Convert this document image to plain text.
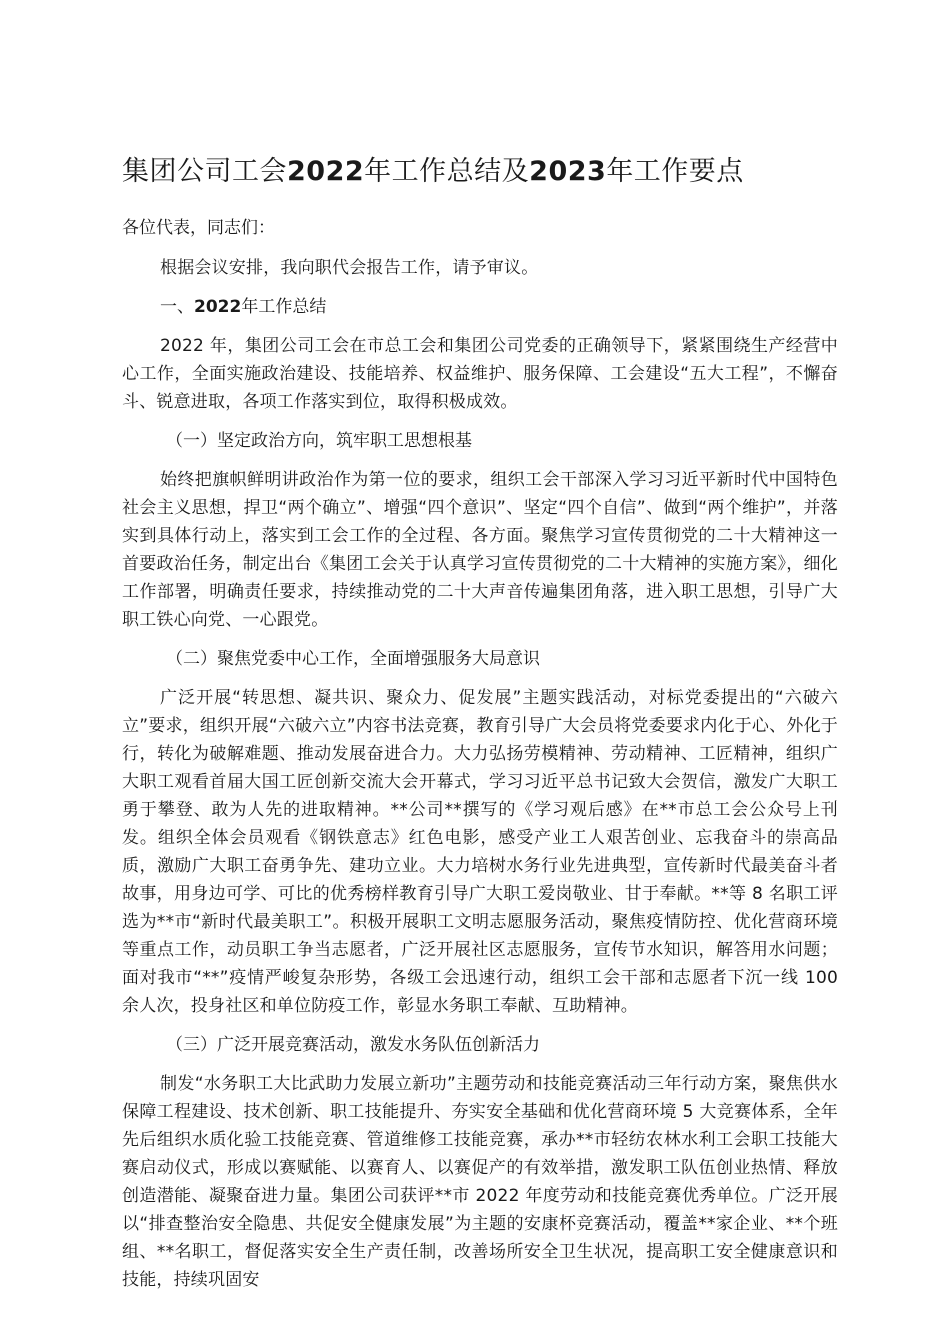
集团公司工会2022年工作总结及2023年工作要点
各位代表，同志们：

根据会议安排，我向职代会报告工作，请予审议。

一、2022年工作总结

2022 年，集团公司工会在市总工会和集团公司党委的正确领导下，紧紧围绕生产经营中心工作，全面实施政治建设、技能培养、权益维护、服务保障、工会建设“五大工程”，不懈奋斗、锐意进取，各项工作落实到位，取得积极成效。

（一）坚定政治方向，筑牢职工思想根基

始终把旗帜鲜明讲政治作为第一位的要求，组织工会干部深入学习习近平新时代中国特色社会主义思想，捍卫“两个确立”、增强“四个意识”、坚定“四个自信”、做到“两个维护”，并落实到具体行动上，落实到工会工作的全过程、各方面。聚焦学习宣传贯彻党的二十大精神这一首要政治任务，制定出台《集团工会关于认真学习宣传贯彻党的二十大精神的实施方案》，细化工作部署，明确责任要求，持续推动党的二十大声音传遍集团角落，进入职工思想，引导广大职工铁心向党、一心跟党。

（二）聚焦党委中心工作，全面增强服务大局意识

广泛开展“转思想、凝共识、聚众力、促发展”主题实践活动，对标党委提出的“六破六立”要求，组织开展“六破六立”内容书法竞赛，教育引导广大会员将党委要求内化于心、外化于行，转化为破解难题、推动发展奋进合力。大力弘扬劳模精神、劳动精神、工匠精神，组织广大职工观看首届大国工匠创新交流大会开幕式，学习习近平总书记致大会贺信，激发广大职工勇于攀登、敢为人先的进取精神。**公司**撰写的《学习观后感》在**市总工会公众号上刊发。组织全体会员观看《钢铁意志》红色电影，感受产业工人艰苦创业、忘我奋斗的崇高品质，激励广大职工奋勇争先、建功立业。大力培树水务行业先进典型，宣传新时代最美奋斗者故事，用身边可学、可比的优秀榜样教育引导广大职工爱岗敬业、甘于奉献。**等 8 名职工评选为**市“新时代最美职工”。积极开展职工文明志愿服务活动，聚焦疫情防控、优化营商环境等重点工作，动员职工争当志愿者，广泛开展社区志愿服务，宣传节水知识，解答用水问题；面对我市“**”疫情严峻复杂形势，各级工会迅速行动，组织工会干部和志愿者下沉一线 100 余人次，投身社区和单位防疫工作，彰显水务职工奉献、互助精神。

（三）广泛开展竞赛活动，激发水务队伍创新活力

制发“水务职工大比武助力发展立新功”主题劳动和技能竞赛活动三年行动方案，聚焦供水保障工程建设、技术创新、职工技能提升、夯实安全基础和优化营商环境 5 大竞赛体系，全年先后组织水质化验工技能竞赛、管道维修工技能竞赛，承办**市轻纺农林水利工会职工技能大赛启动仪式，形成以赛赋能、以赛育人、以赛促产的有效举措，激发职工队伍创业热情、释放创造潜能、凝聚奋进力量。集团公司获评**市 2022 年度劳动和技能竞赛优秀单位。广泛开展以“排查整治安全隐患、共促安全健康发展”为主题的安康杯竞赛活动，覆盖**家企业、**个班组、**名职工，督促落实安全生产责任制，改善场所安全卫生状况，提高职工安全健康意识和技能，持续巩固安
